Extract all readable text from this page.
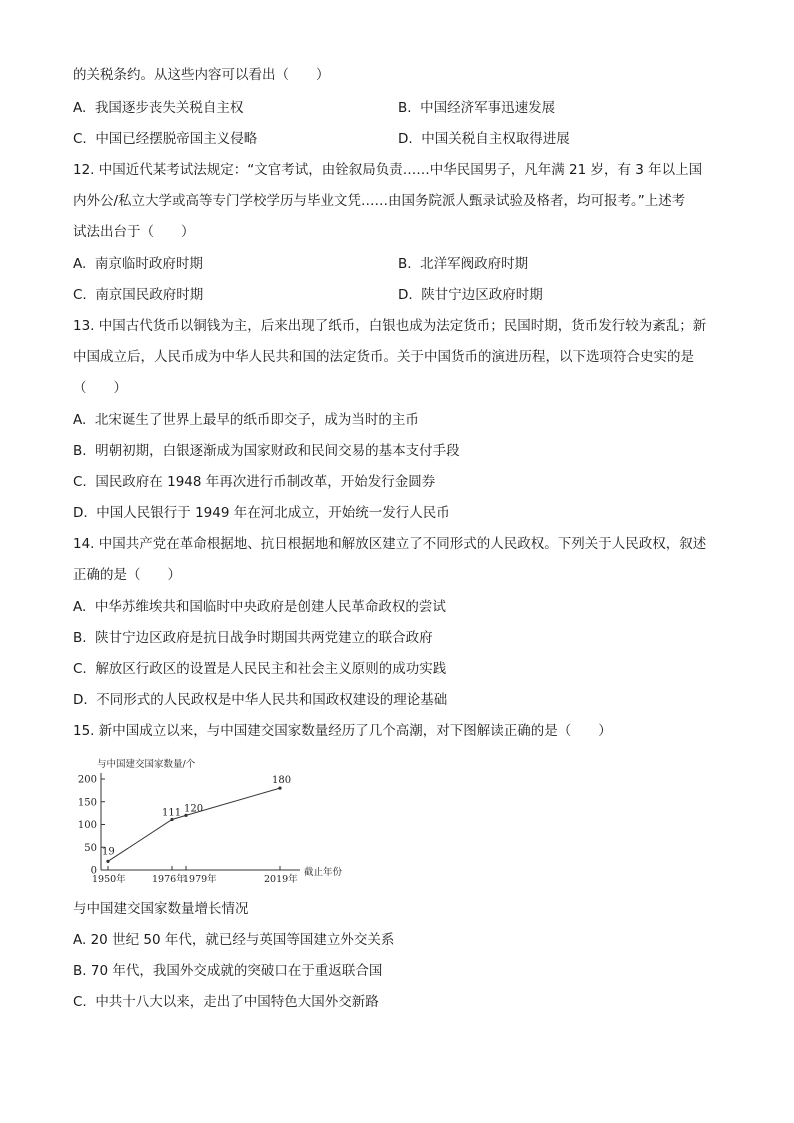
的关税条约。从这些内容可以看出（　　）
A. 我国逐步丧失关税自主权	B. 中国经济军事迅速发展
C. 中国已经摆脱帝国主义侵略	D. 中国关税自主权取得进展
12. 中国近代某考试法规定：“文官考试，由铨叙局负责……中华民国男子，凡年满 21 岁，有 3 年以上国
内外公/私立大学或高等专门学校学历与毕业文凭……由国务院派人甄录试验及格者，均可报考。”上述考
试法出台于（　　）
A. 南京临时政府时期	B. 北洋军阀政府时期
C. 南京国民政府时期	D. 陕甘宁边区政府时期
13. 中国古代货币以铜钱为主，后来出现了纸币，白银也成为法定货币；民国时期，货币发行较为紊乱；新
中国成立后，人民币成为中华人民共和国的法定货币。关于中国货币的演进历程，以下选项符合史实的是
（　　）
A. 北宋诞生了世界上最早的纸币即交子，成为当时的主币
B. 明朝初期，白银逐渐成为国家财政和民间交易的基本支付手段
C. 国民政府在 1948 年再次进行币制改革，开始发行金圆券
D. 中国人民银行于 1949 年在河北成立，开始统一发行人民币
14. 中国共产党在革命根据地、抗日根据地和解放区建立了不同形式的人民政权。下列关于人民政权，叙述
正确的是（　　）
A. 中华苏维埃共和国临时中央政府是创建人民革命政权的尝试
B. 陕甘宁边区政府是抗日战争时期国共两党建立的联合政府
C. 解放区行政区的设置是人民民主和社会主义原则的成功实践
D. 不同形式的人民政权是中华人民共和国政权建设的理论基础
15. 新中国成立以来，与中国建交国家数量经历了几个高潮，对下图解读正确的是（　　）
与中国建交国家数量/个
截止年份
0
50
100
150
200
1950年	1976年
1979年	2019年
19
111 120
180
与中国建交国家数量增长情况
A. 20 世纪 50 年代，就已经与英国等国建立外交关系
B. 70 年代，我国外交成就的突破口在于重返联合国
C. 中共十八大以来，走出了中国特色大国外交新路
